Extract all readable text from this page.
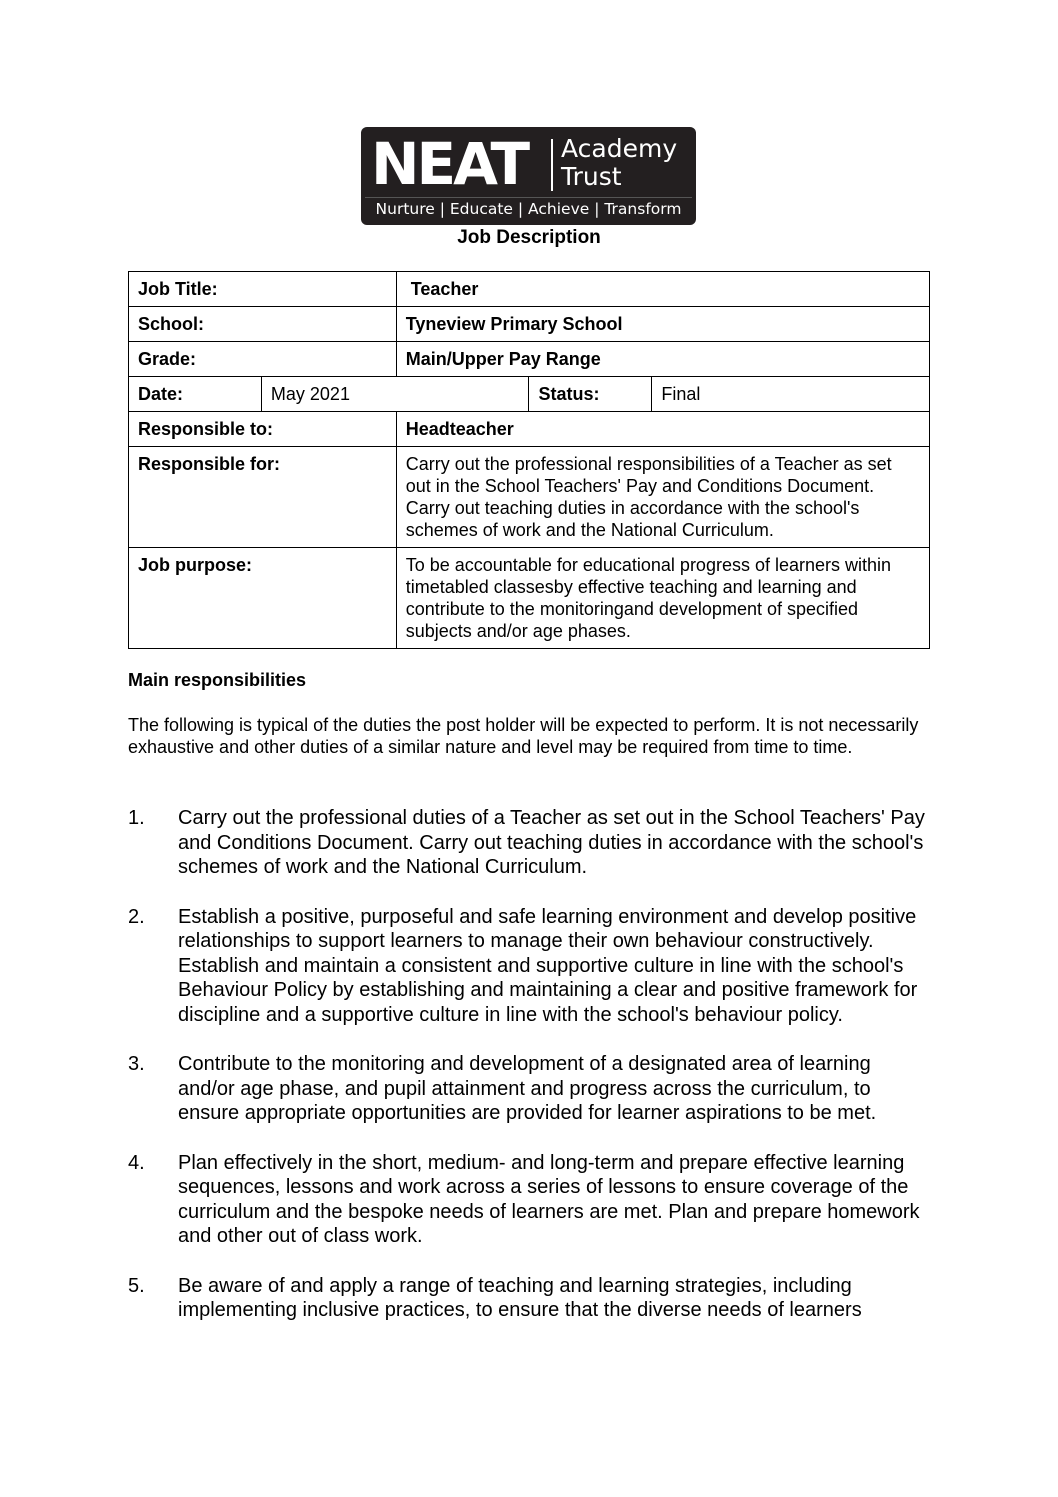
NEAT Academy
Trust
Nurture | Educate | Achieve | Transform
Job Description
Job Title:		Teacher		
School:		Tyneview Primary School		
Grade:		Main/Upper Pay Range		
Date:	May 2021		Status:	Final
Responsible to:		Headteacher		
Responsible for:		Carry out the professional responsibilities of a Teacher as set out in the School Teachers' Pay and Conditions Document. Carry out teaching duties in accordance with the school's schemes of work and the National Curriculum.		
Job purpose:		To be accountable for educational progress of learners within timetabled classesby effective teaching and learning and contribute to the monitoringand development of specified subjects and/or age phases.		
Main responsibilities
The following is typical of the duties the post holder will be expected to perform. It is not necessarily exhaustive and other duties of a similar nature and level may be required from time to time.
1.	Carry out the professional duties of a Teacher as set out in the School Teachers' Pay and Conditions Document. Carry out teaching duties in accordance with the school's schemes of work and the National Curriculum.
2.	Establish a positive, purposeful and safe learning environment and develop positive relationships to support learners to manage their own behaviour constructively. Establish and maintain a consistent and supportive culture in line with the school's Behaviour Policy by establishing and maintaining a clear and positive framework for discipline and a supportive culture in line with the school's behaviour policy.
3.	Contribute to the monitoring and development of a designated area of learning and/or age phase, and pupil attainment and progress across the curriculum, to ensure appropriate opportunities are provided for learner aspirations to be met.
4.	Plan effectively in the short, medium- and long-term and prepare effective learning sequences, lessons and work across a series of lessons to ensure coverage of the curriculum and the bespoke needs of learners are met. Plan and prepare homework and other out of class work.
5.	Be aware of and apply a range of teaching and learning strategies, including implementing inclusive practices, to ensure that the diverse needs of learners
